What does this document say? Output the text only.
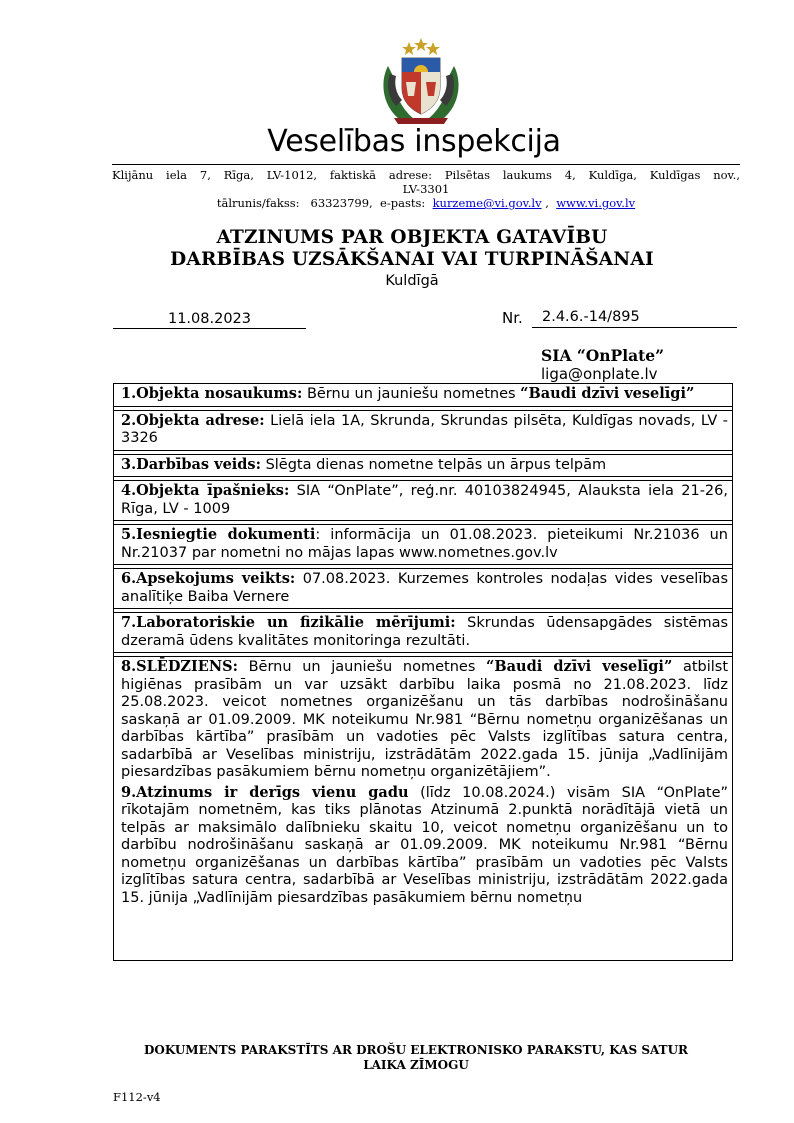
Veselības inspekcija
Klijānu iela 7, Rīga, LV-1012, faktiskā adrese: Pilsētas laukums 4, Kuldīga, Kuldīgas nov.,
LV-3301
tālrunis/fakss: 63323799, e-pasts: kurzeme@vi.gov.lv ,  www.vi.gov.lv
ATZINUMS PAR OBJEKTA GATAVĪBU
DARBĪBAS UZSĀKŠANAI VAI TURPINĀŠANAI
Kuldīgā
11.08.2023	Nr.	2.4.6.-14/895
SIA “OnPlate”
liga@onplate.lv
1.Objekta nosaukums: Bērnu un jauniešu nometnes “Baudi dzīvi veselīgi”
2.Objekta adrese: Lielā iela 1A, Skrunda, Skrundas pilsēta, Kuldīgas novads, LV - 3326
3.Darbības veids: Slēgta dienas nometne telpās un ārpus telpām
4.Objekta īpašnieks: SIA “OnPlate”, reģ.nr. 40103824945, Alauksta iela 21-26, Rīga, LV - 1009
5.Iesniegtie dokumenti: informācija un 01.08.2023. pieteikumi Nr.21036 un Nr.21037 par nometni no mājas lapas www.nometnes.gov.lv
6.Apsekojums veikts: 07.08.2023. Kurzemes kontroles nodaļas vides veselības analītiķe Baiba Vernere
7.Laboratoriskie un fizikālie mērījumi: Skrundas ūdensapgādes sistēmas dzeramā ūdens kvalitātes monitoringa rezultāti.
8.SLĒDZIENS: Bērnu un jauniešu nometnes “Baudi dzīvi veselīgi” atbilst higiēnas prasībām un var uzsākt darbību laika posmā no 21.08.2023. līdz 25.08.2023. veicot nometnes organizēšanu un tās darbības nodrošināšanu saskaņā ar 01.09.2009. MK noteikumu Nr.981 “Bērnu nometņu organizēšanas un darbības kārtība” prasībām un vadoties pēc Valsts izglītības satura centra, sadarbībā ar Veselības ministriju, izstrādātām 2022.gada 15. jūnija „Vadlīnijām piesardzības pasākumiem bērnu nometņu organizētājiem”.
9.Atzinums ir derīgs vienu gadu (līdz 10.08.2024.) visām SIA “OnPlate” rīkotajām nometnēm, kas tiks plānotas Atzinumā 2.punktā norādītājā vietā un telpās ar maksimālo dalībnieku skaitu 10, veicot nometņu organizēšanu un to darbību nodrošināšanu saskaņā ar 01.09.2009. MK noteikumu Nr.981 “Bērnu nometņu organizēšanas un darbības kārtība” prasībām un vadoties pēc Valsts izglītības satura centra, sadarbībā ar Veselības ministriju, izstrādātām 2022.gada 15. jūnija „Vadlīnijām piesardzības pasākumiem bērnu nometņu
DOKUMENTS PARAKSTĪTS AR DROŠU ELEKTRONISKO PARAKSTU, KAS SATUR
LAIKA ZĪMOGU
F112-v4
